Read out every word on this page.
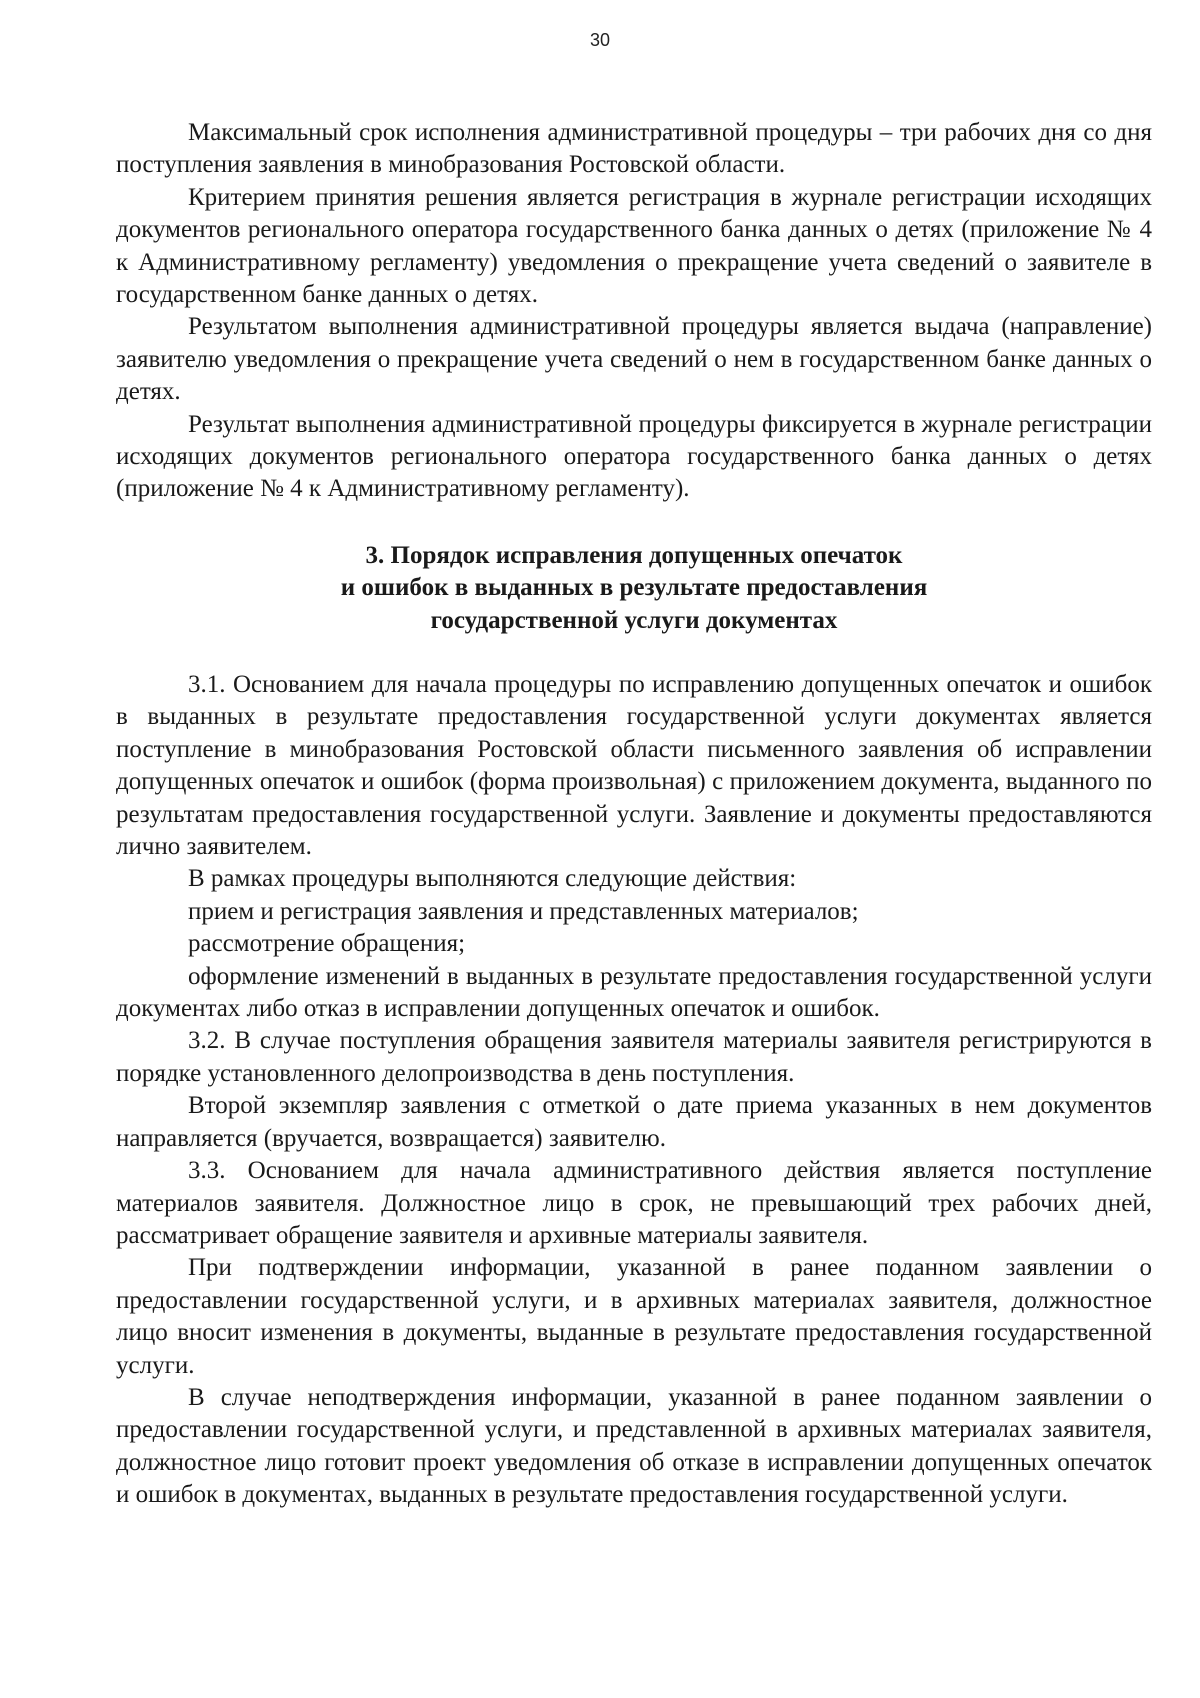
30

Максимальный срок исполнения административной процедуры – три рабочих дня со дня поступления заявления в минобразования Ростовской области.

Критерием принятия решения является регистрация в журнале регистрации исходящих документов регионального оператора государственного банка данных о детях (приложение № 4 к Административному регламенту) уведомления о прекращение учета сведений о заявителе в государственном банке данных о детях.

Результатом выполнения административной процедуры является выдача (направление) заявителю уведомления о прекращение учета сведений о нем в государственном банке данных о детях.

Результат выполнения административной процедуры фиксируется в журнале регистрации исходящих документов регионального оператора государственного банка данных о детях (приложение № 4 к Административному регламенту).

3. Порядок исправления допущенных опечаток
и ошибок в выданных в результате предоставления
государственной услуги документах

3.1. Основанием для начала процедуры по исправлению допущенных опечаток и ошибок в выданных в результате предоставления государственной услуги документах является поступление в минобразования Ростовской области письменного заявления об исправлении допущенных опечаток и ошибок (форма произвольная) с приложением документа, выданного по результатам предоставления государственной услуги. Заявление и документы предоставляются лично заявителем.

В рамках процедуры выполняются следующие действия:

прием и регистрация заявления и представленных материалов;

рассмотрение обращения;

оформление изменений в выданных в результате предоставления государственной услуги документах либо отказ в исправлении допущенных опечаток и ошибок.

3.2. В случае поступления обращения заявителя материалы заявителя регистрируются в порядке установленного делопроизводства в день поступления.

Второй экземпляр заявления с отметкой о дате приема указанных в нем документов направляется (вручается, возвращается) заявителю.

3.3. Основанием для начала административного действия является поступление материалов заявителя. Должностное лицо в срок, не превышающий трех рабочих дней, рассматривает обращение заявителя и архивные материалы заявителя.

При подтверждении информации, указанной в ранее поданном заявлении о предоставлении государственной услуги, и в архивных материалах заявителя, должностное лицо вносит изменения в документы, выданные в результате предоставления государственной услуги.

В случае неподтверждения информации, указанной в ранее поданном заявлении о предоставлении государственной услуги, и представленной в архивных материалах заявителя, должностное лицо готовит проект уведомления об отказе в исправлении допущенных опечаток и ошибок в документах, выданных в результате предоставления государственной услуги.
